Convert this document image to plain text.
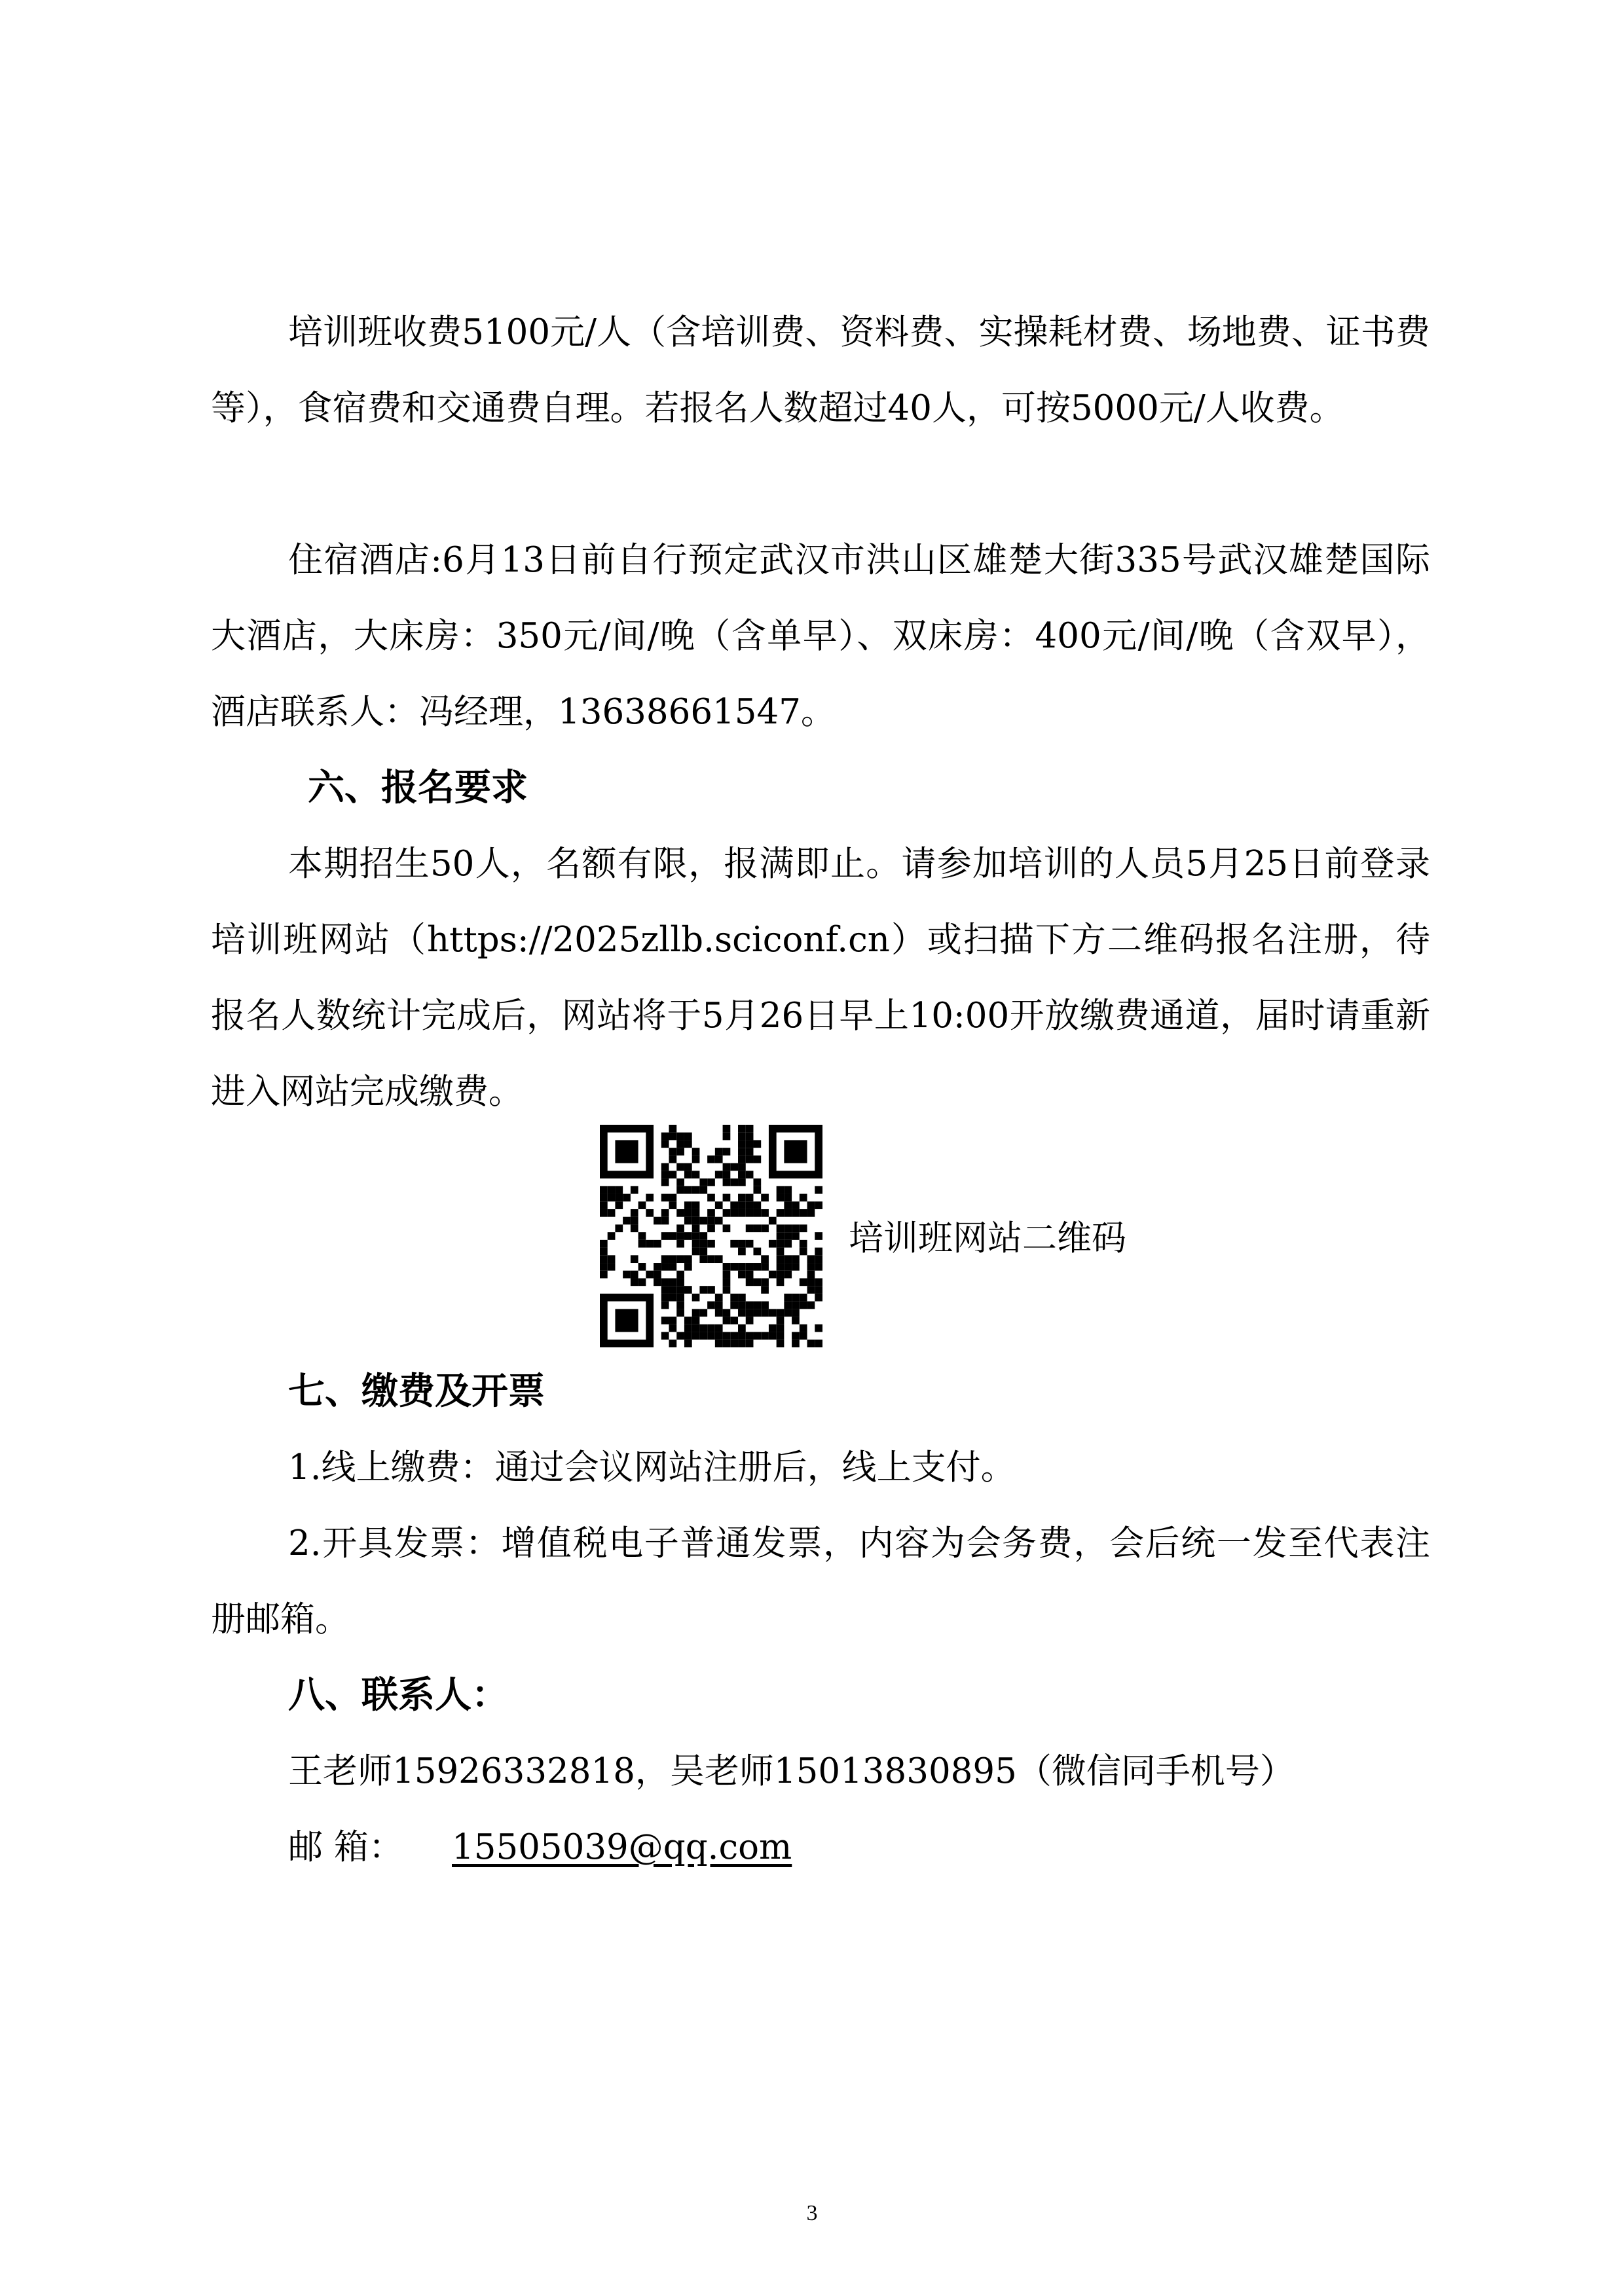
培训班收费5100元/人（含培训费、资料费、实操耗材费、场地费、证书费等），食宿费和交通费自理。若报名人数超过40人，可按5000元/人收费。

住宿酒店:6月13日前自行预定武汉市洪山区雄楚大街335号武汉雄楚国际大酒店，大床房：350元/间/晚（含单早）、双床房：400元/间/晚（含双早），酒店联系人：冯经理，13638661547。

六、报名要求

本期招生50人，名额有限，报满即止。请参加培训的人员5月25日前登录培训班网站（https://2025zllb.sciconf.cn）或扫描下方二维码报名注册，待报名人数统计完成后，网站将于5月26日早上10:00开放缴费通道，届时请重新进入网站完成缴费。

培训班网站二维码
七、缴费及开票

1.线上缴费：通过会议网站注册后，线上支付。

2.开具发票：增值税电子普通发票，内容为会务费，会后统一发至代表注册邮箱。

八、联系人：

王老师15926332818，吴老师15013830895（微信同手机号）

邮 箱： 15505039@qq.com

3
